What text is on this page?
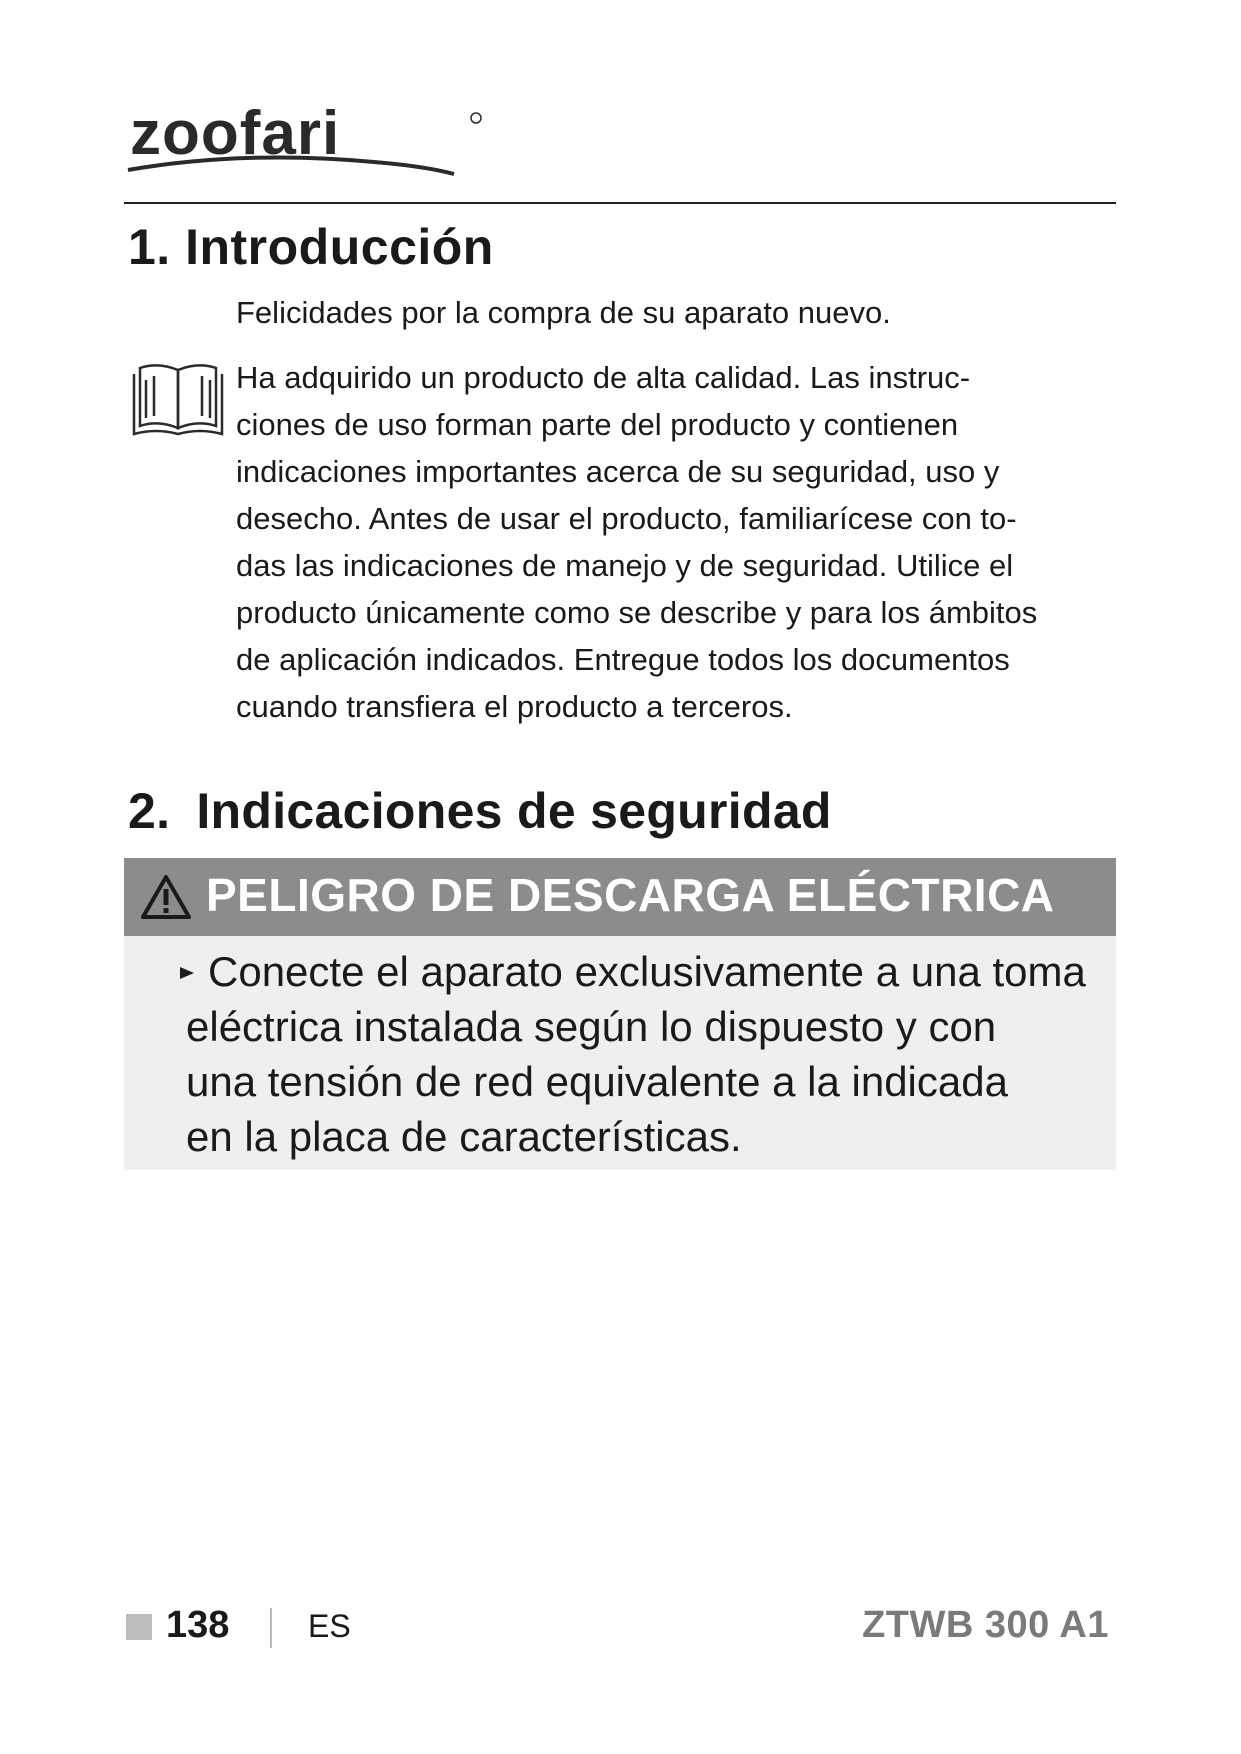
zoofari
1. Introducción
Felicidades por la compra de su aparato nuevo.
Ha adquirido un producto de alta calidad. Las instruc-
ciones de uso forman parte del producto y contienen
indicaciones importantes acerca de su seguridad, uso y
desecho. Antes de usar el producto, familiarícese con to-
das las indicaciones de manejo y de seguridad. Utilice el
producto únicamente como se describe y para los ámbitos
de aplicación indicados. Entregue todos los documentos
cuando transfiera el producto a terceros.
2. Indicaciones de seguridad
PELIGRO DE DESCARGA ELÉCTRICA
Conecte el aparato exclusivamente a una toma
eléctrica instalada según lo dispuesto y con
una tensión de red equivalente a la indicada
en la placa de características.
138 ES	ZTWB 300 A1
